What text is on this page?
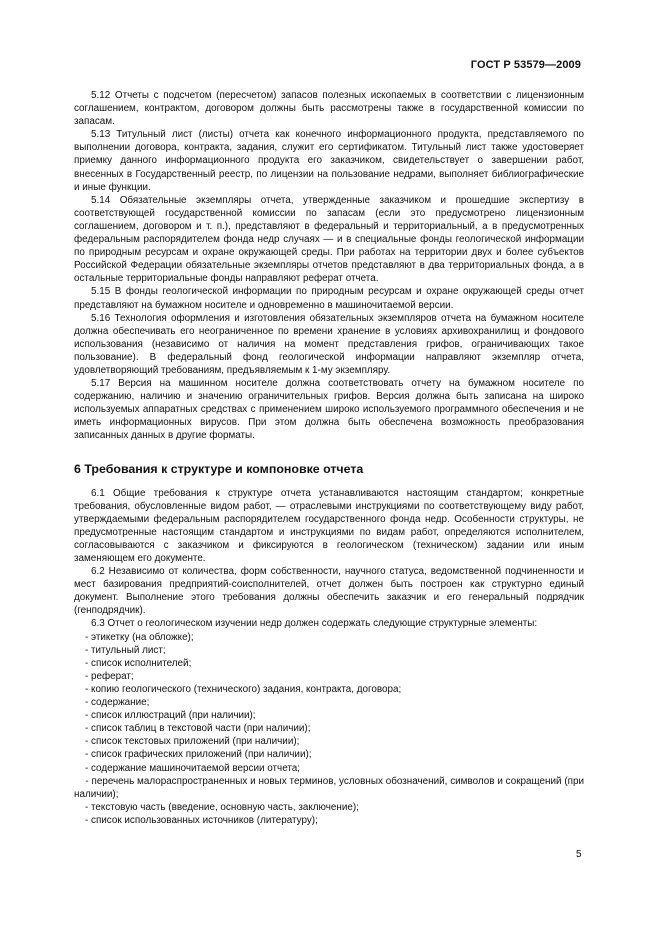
ГОСТ Р 53579—2009

5.12 Отчеты с подсчетом (пересчетом) запасов полезных ископаемых в соответствии с лицензионным соглашением, контрактом, договором должны быть рассмотрены также в государственной комиссии по запасам.

5.13 Титульный лист (листы) отчета как конечного информационного продукта, представляемого по выполнении договора, контракта, задания, служит его сертификатом. Титульный лист также удостоверяет приемку данного информационного продукта его заказчиком, свидетельствует о завершении работ, внесенных в Государственный реестр, по лицензии на пользование недрами, выполняет библиографические и иные функции.

5.14 Обязательные экземпляры отчета, утвержденные заказчиком и прошедшие экспертизу в соответствующей государственной комиссии по запасам (если это предусмотрено лицензионным соглашением, договором и т. п.), представляют в федеральный и территориальный, а в предусмотренных федеральным распорядителем фонда недр случаях — и в специальные фонды геологической информации по природным ресурсам и охране окружающей среды. При работах на территории двух и более субъектов Российской Федерации обязательные экземпляры отчетов представляют в два территориальных фонда, а в остальные территориальные фонды направляют реферат отчета.

5.15 В фонды геологической информации по природным ресурсам и охране окружающей среды отчет представляют на бумажном носителе и одновременно в машиночитаемой версии.

5.16 Технология оформления и изготовления обязательных экземпляров отчета на бумажном носителе должна обеспечивать его неограниченное по времени хранение в условиях архивохранилищ и фондового использования (независимо от наличия на момент представления грифов, ограничивающих такое пользование). В федеральный фонд геологической информации направляют экземпляр отчета, удовлетворяющий требованиям, предъявляемым к 1-му экземпляру.

5.17 Версия на машинном носителе должна соответствовать отчету на бумажном носителе по содержанию, наличию и значению ограничительных грифов. Версия должна быть записана на широко используемых аппаратных средствах с применением широко используемого программного обеспечения и не иметь информационных вирусов. При этом должна быть обеспечена возможность преобразования записанных данных в другие форматы.

6 Требования к структуре и компоновке отчета

6.1 Общие требования к структуре отчета устанавливаются настоящим стандартом; конкретные требования, обусловленные видом работ, — отраслевыми инструкциями по соответствующему виду работ, утверждаемыми федеральным распорядителем государственного фонда недр. Особенности структуры, не предусмотренные настоящим стандартом и инструкциями по видам работ, определяются исполнителем, согласовываются с заказчиком и фиксируются в геологическом (техническом) задании или иным заменяющем его документе.

6.2 Независимо от количества, форм собственности, научного статуса, ведомственной подчиненности и мест базирования предприятий-соисполнителей, отчет должен быть построен как структурно единый документ. Выполнение этого требования должны обеспечить заказчик и его генеральный подрядчик (генподрядчик).

6.3 Отчет о геологическом изучении недр должен содержать следующие структурные элементы:

- этикетку (на обложке);
- титульный лист;
- список исполнителей;
- реферат;
- копию геологического (технического) задания, контракта, договора;
- содержание;
- список иллюстраций (при наличии);
- список таблиц в текстовой части (при наличии);
- список текстовых приложений (при наличии);
- список графических приложений (при наличии);
- содержание машиночитаемой версии отчета;
- перечень малораспространенных и новых терминов, условных обозначений, символов и сокращений (при наличии);
- текстовую часть (введение, основную часть, заключение);
- список использованных источников (литературу);
5
